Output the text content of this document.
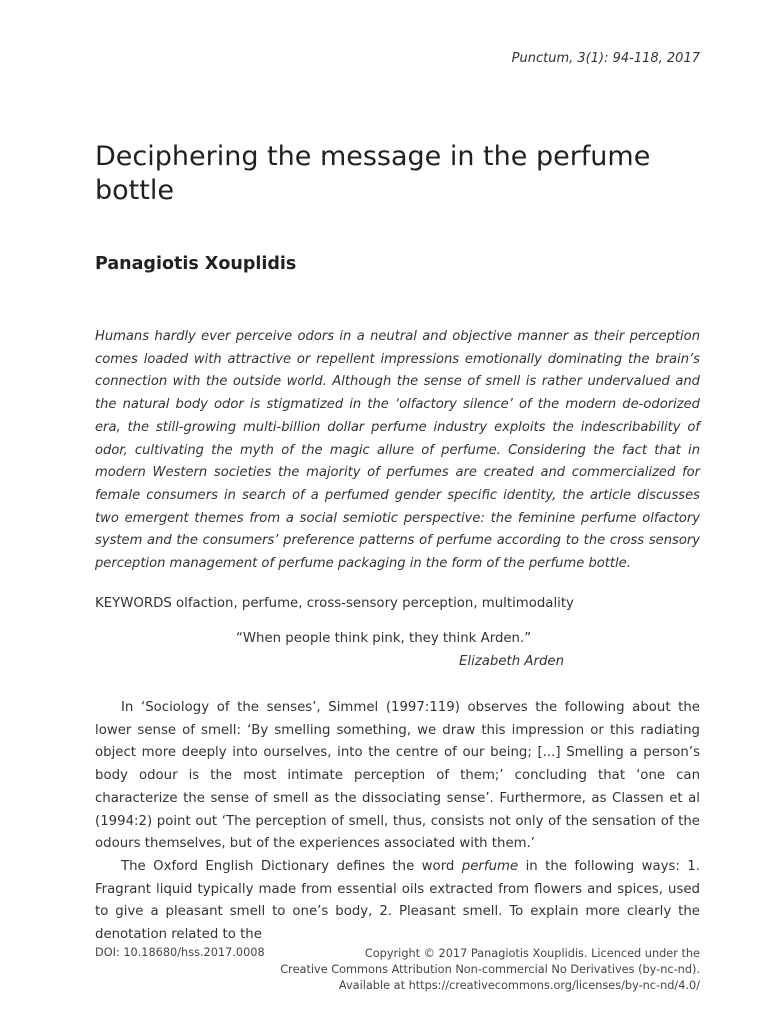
Punctum, 3(1): 94-118, 2017
Deciphering the message in the perfume bottle
Panagiotis Xouplidis

Humans hardly ever perceive odors in a neutral and objective manner as their perception comes loaded with attractive or repellent impressions emotionally dominating the brain’s connection with the outside world. Although the sense of smell is rather undervalued and the natural body odor is stigmatized in the ‘olfactory silence’ of the modern de-odorized era, the still-growing multi-billion dollar perfume industry exploits the indescribability of odor, cultivating the myth of the magic allure of perfume. Considering the fact that in modern Western societies the majority of perfumes are created and commercialized for female consumers in search of a perfumed gender specific identity, the article discusses two emergent themes from a social semiotic perspective: the feminine perfume olfactory system and the consumers’ preference patterns of perfume according to the cross sensory perception management of perfume packaging in the form of the perfume bottle.

KEYWORDS olfaction, perfume, cross-sensory perception, multimodality
“When people think pink, they think Arden.”
Elizabeth Arden

In ‘Sociology of the senses’, Simmel (1997:119) observes the following about the lower sense of smell: ‘By smelling something, we draw this impression or this radiating object more deeply into ourselves, into the centre of our being; [...] Smelling a person’s body odour is the most intimate perception of them;’ concluding that ‘one can characterize the sense of smell as the dissociating sense’. Furthermore, as Classen et al (1994:2) point out ‘The perception of smell, thus, consists not only of the sensation of the odours themselves, but of the experiences associated with them.’

The Oxford English Dictionary defines the word perfume in the following ways: 1. Fragrant liquid typically made from essential oils extracted from flowers and spices, used to give a pleasant smell to one’s body, 2. Pleasant smell. To explain more clearly the denotation related to the

DOI: 10.18680/hss.2017.0008	Copyright © 2017 Panagiotis Xouplidis. Licenced under the
Creative Commons Attribution Non-commercial No Derivatives (by-nc-nd).
Available at https://creativecommons.org/licenses/by-nc-nd/4.0/
